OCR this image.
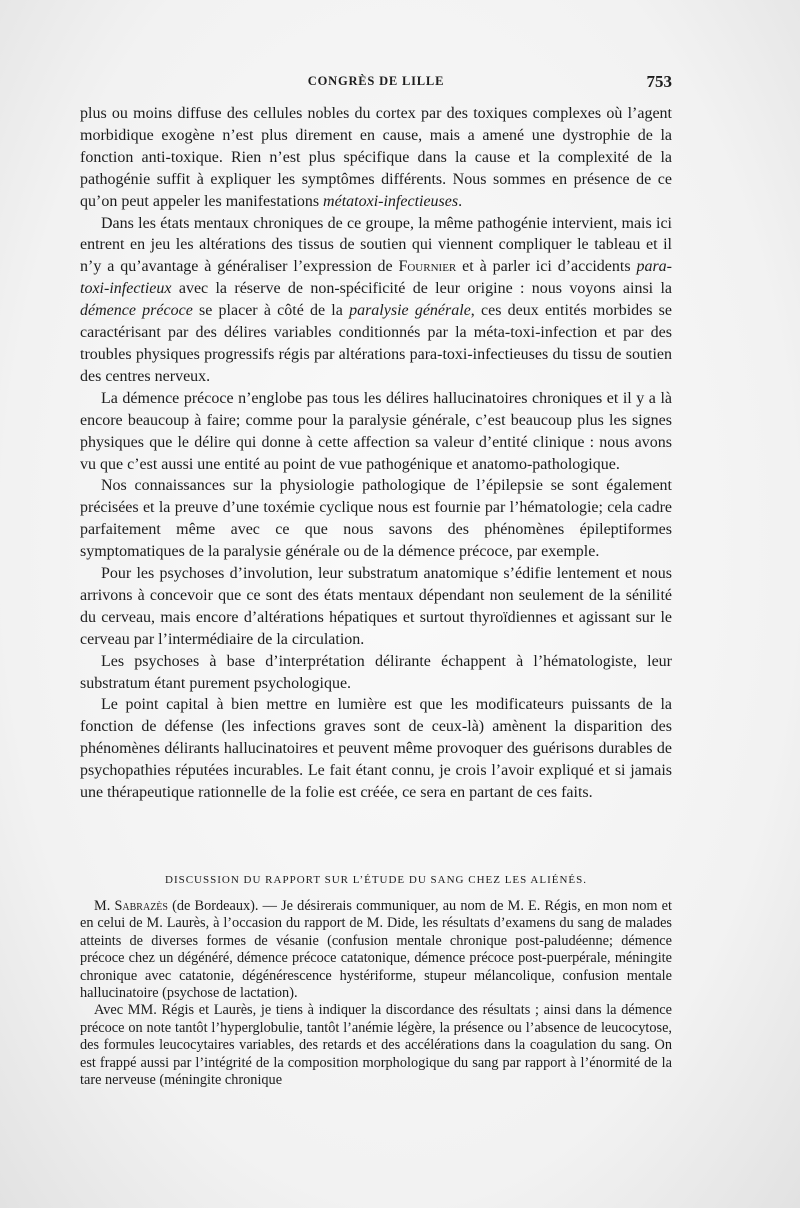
CONGRÈS DE LILLE	753

plus ou moins diffuse des cellules nobles du cortex par des toxiques complexes où l’agent morbidique exogène n’est plus direment en cause, mais a amené une dystrophie de la fonction anti-toxique. Rien n’est plus spécifique dans la cause et la complexité de la pathogénie suffit à expliquer les symptômes différents. Nous sommes en présence de ce qu’on peut appeler les manifestations métatoxi-infectieuses.

Dans les états mentaux chroniques de ce groupe, la même pathogénie intervient, mais ici entrent en jeu les altérations des tissus de soutien qui viennent compliquer le tableau et il n’y a qu’avantage à généraliser l’expression de Fournier et à parler ici d’accidents para-toxi-infectieux avec la réserve de non-spécificité de leur origine : nous voyons ainsi la démence précoce se placer à côté de la paralysie générale, ces deux entités morbides se caractérisant par des délires variables conditionnés par la méta-toxi-infection et par des troubles physiques progressifs régis par altérations para-toxi-infectieuses du tissu de soutien des centres nerveux.

La démence précoce n’englobe pas tous les délires hallucinatoires chroniques et il y a là encore beaucoup à faire; comme pour la paralysie générale, c’est beaucoup plus les signes physiques que le délire qui donne à cette affection sa valeur d’entité clinique : nous avons vu que c’est aussi une entité au point de vue pathogénique et anatomo-pathologique.

Nos connaissances sur la physiologie pathologique de l’épilepsie se sont également précisées et la preuve d’une toxémie cyclique nous est fournie par l’hématologie; cela cadre parfaitement même avec ce que nous savons des phénomènes épileptiformes symptomatiques de la paralysie générale ou de la démence précoce, par exemple.

Pour les psychoses d’involution, leur substratum anatomique s’édifie lentement et nous arrivons à concevoir que ce sont des états mentaux dépendant non seulement de la sénilité du cerveau, mais encore d’altérations hépatiques et surtout thyroïdiennes et agissant sur le cerveau par l’intermédiaire de la circulation.

Les psychoses à base d’interprétation délirante échappent à l’hématologiste, leur substratum étant purement psychologique.

Le point capital à bien mettre en lumière est que les modificateurs puissants de la fonction de défense (les infections graves sont de ceux-là) amènent la disparition des phénomènes délirants hallucinatoires et peuvent même provoquer des guérisons durables de psychopathies réputées incurables. Le fait étant connu, je crois l’avoir expliqué et si jamais une thérapeutique rationnelle de la folie est créée, ce sera en partant de ces faits.

DISCUSSION DU RAPPORT SUR L’ÉTUDE DU SANG CHEZ LES ALIÉNÉS.

M. Sabrazès (de Bordeaux). — Je désirerais communiquer, au nom de M. E. Régis, en mon nom et en celui de M. Laurès, à l’occasion du rapport de M. Dide, les résultats d’examens du sang de malades atteints de diverses formes de vésanie (confusion mentale chronique post-paludéenne; démence précoce chez un dégénéré, démence précoce catatonique, démence précoce post-puerpérale, méningite chronique avec catatonie, dégénérescence hystériforme, stupeur mélancolique, confusion mentale hallucinatoire (psychose de lactation).

Avec MM. Régis et Laurès, je tiens à indiquer la discordance des résultats ; ainsi dans la démence précoce on note tantôt l’hyperglobulie, tantôt l’anémie légère, la présence ou l’absence de leucocytose, des formules leucocytaires variables, des retards et des accélérations dans la coagulation du sang. On est frappé aussi par l’intégrité de la composition morphologique du sang par rapport à l’énormité de la tare nerveuse (méningite chronique
